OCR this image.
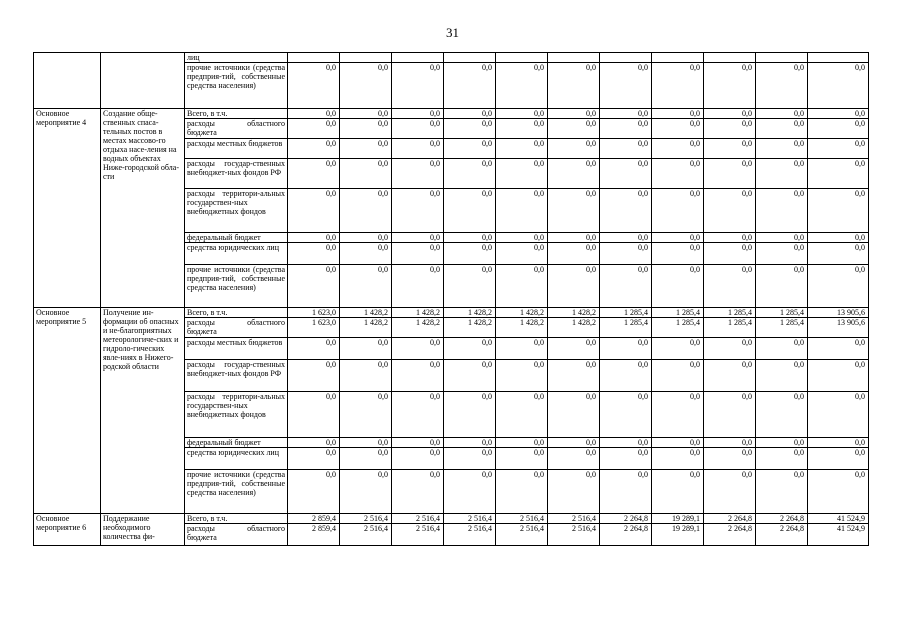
31
		лиц											
		прочие источники (средства предприя-тий, собственные средства населения)	0,0	0,0	0,0	0,0	0,0	0,0	0,0	0,0	0,0	0,0	0,0
Основное мероприятие 4	Создание обще-ственных спаса-тельных постов в местах массово-го отдыха насе-ления на водных объектах Ниже-городской обла-сти	Всего, в т.ч.	0,0	0,0	0,0	0,0	0,0	0,0	0,0	0,0	0,0	0,0	0,0
		расходы областного бюджета	0,0	0,0	0,0	0,0	0,0	0,0	0,0	0,0	0,0	0,0	0,0
		расходы местных бюджетов	0,0	0,0	0,0	0,0	0,0	0,0	0,0	0,0	0,0	0,0	0,0
		расходы государ-ственных внебюджет-ных фондов РФ	0,0	0,0	0,0	0,0	0,0	0,0	0,0	0,0	0,0	0,0	0,0
		расходы территори-альных государствен-ных внебюджетных фондов	0,0	0,0	0,0	0,0	0,0	0,0	0,0	0,0	0,0	0,0	0,0
		федеральный бюджет	0,0	0,0	0,0	0,0	0,0	0,0	0,0	0,0	0,0	0,0	0,0
		средства юридических лиц	0,0	0,0	0,0	0,0	0,0	0,0	0,0	0,0	0,0	0,0	0,0
		прочие источники (средства предприя-тий, собственные средства населения)	0,0	0,0	0,0	0,0	0,0	0,0	0,0	0,0	0,0	0,0	0,0
Основное мероприятие 5	Получение ин-формации об опасных и не-благоприятных метеорологиче-ских и гидроло-гических явле-ниях в Нижего-родской области	Всего, в т.ч.	1 623,0	1 428,2	1 428,2	1 428,2	1 428,2	1 428,2	1 285,4	1 285,4	1 285,4	1 285,4	13 905,6
		расходы областного бюджета	1 623,0	1 428,2	1 428,2	1 428,2	1 428,2	1 428,2	1 285,4	1 285,4	1 285,4	1 285,4	13 905,6
		расходы местных бюджетов	0,0	0,0	0,0	0,0	0,0	0,0	0,0	0,0	0,0	0,0	0,0
		расходы государ-ственных внебюджет-ных фондов РФ	0,0	0,0	0,0	0,0	0,0	0,0	0,0	0,0	0,0	0,0	0,0
		расходы территори-альных государствен-ных внебюджетных фондов	0,0	0,0	0,0	0,0	0,0	0,0	0,0	0,0	0,0	0,0	0,0
		федеральный бюджет	0,0	0,0	0,0	0,0	0,0	0,0	0,0	0,0	0,0	0,0	0,0
		средства юридических лиц	0,0	0,0	0,0	0,0	0,0	0,0	0,0	0,0	0,0	0,0	0,0
		прочие источники (средства предприя-тий, собственные средства населения)	0,0	0,0	0,0	0,0	0,0	0,0	0,0	0,0	0,0	0,0	0,0
Основное мероприятие 6	Поддержание необходимого количества фи-	Всего, в т.ч.	2 859,4	2 516,4	2 516,4	2 516,4	2 516,4	2 516,4	2 264,8	19 289,1	2 264,8	2 264,8	41 524,9
		расходы областного бюджета	2 859,4	2 516,4	2 516,4	2 516,4	2 516,4	2 516,4	2 264,8	19 289,1	2 264,8	2 264,8	41 524,9
